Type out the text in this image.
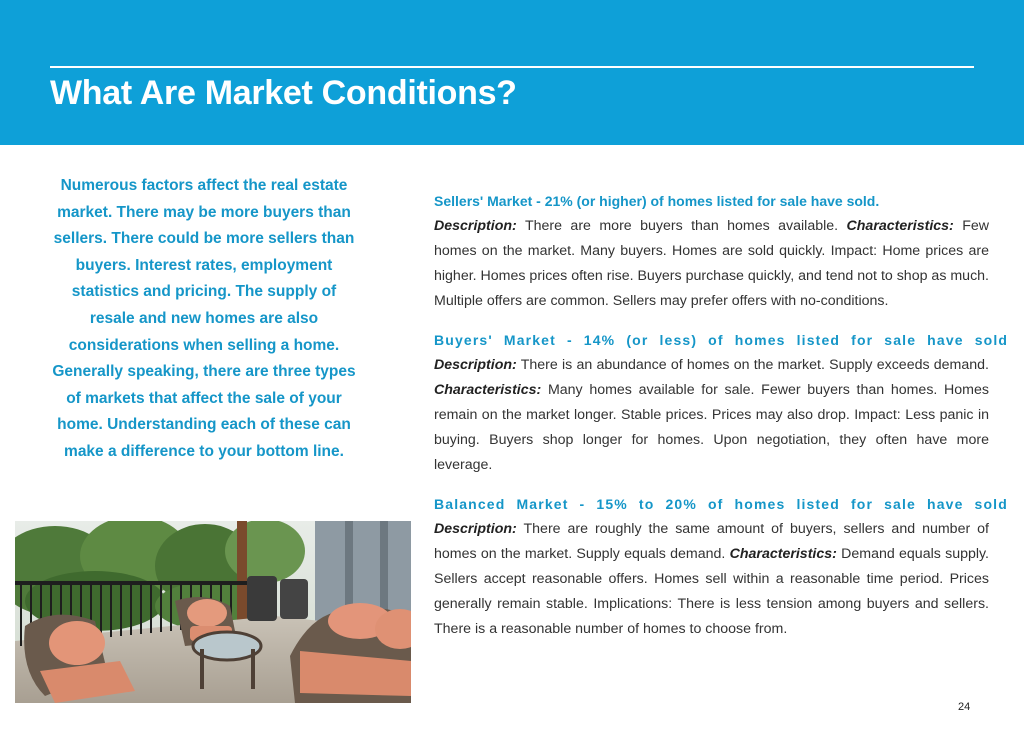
What Are Market Conditions?

Numerous factors affect the real estate market. There may be more buyers than sellers. There could be more sellers than buyers. Interest rates, employment statistics and pricing. The supply of resale and new homes are also considerations when selling a home. Generally speaking, there are three types of markets that affect the sale of your home. Understanding each of these can make a difference to your bottom line.

Sellers' Market - 21% (or higher) of homes listed for sale have sold.

Description: There are more buyers than homes available. Characteristics: Few homes on the market. Many buyers. Homes are sold quickly. Impact: Home prices are higher. Homes prices often rise. Buyers purchase quickly, and tend not to shop as much. Multiple offers are common. Sellers may prefer offers with no-conditions.

Buyers' Market - 14% (or less) of homes listed for sale have sold

Description: There is an abundance of homes on the market. Supply exceeds demand. Characteristics: Many homes available for sale. Fewer buyers than homes. Homes remain on the market longer. Stable prices. Prices may also drop. Impact: Less panic in buying. Buyers shop longer for homes. Upon negotiation, they often have more leverage.

Balanced Market - 15% to 20% of homes listed for sale have sold

Description: There are roughly the same amount of buyers, sellers and number of homes on the market. Supply equals demand. Characteristics: Demand equals supply. Sellers accept reasonable offers. Homes sell within a reasonable time period. Prices generally remain stable. Implications: There is less tension among buyers and sellers. There is a reasonable number of homes to choose from.

24
